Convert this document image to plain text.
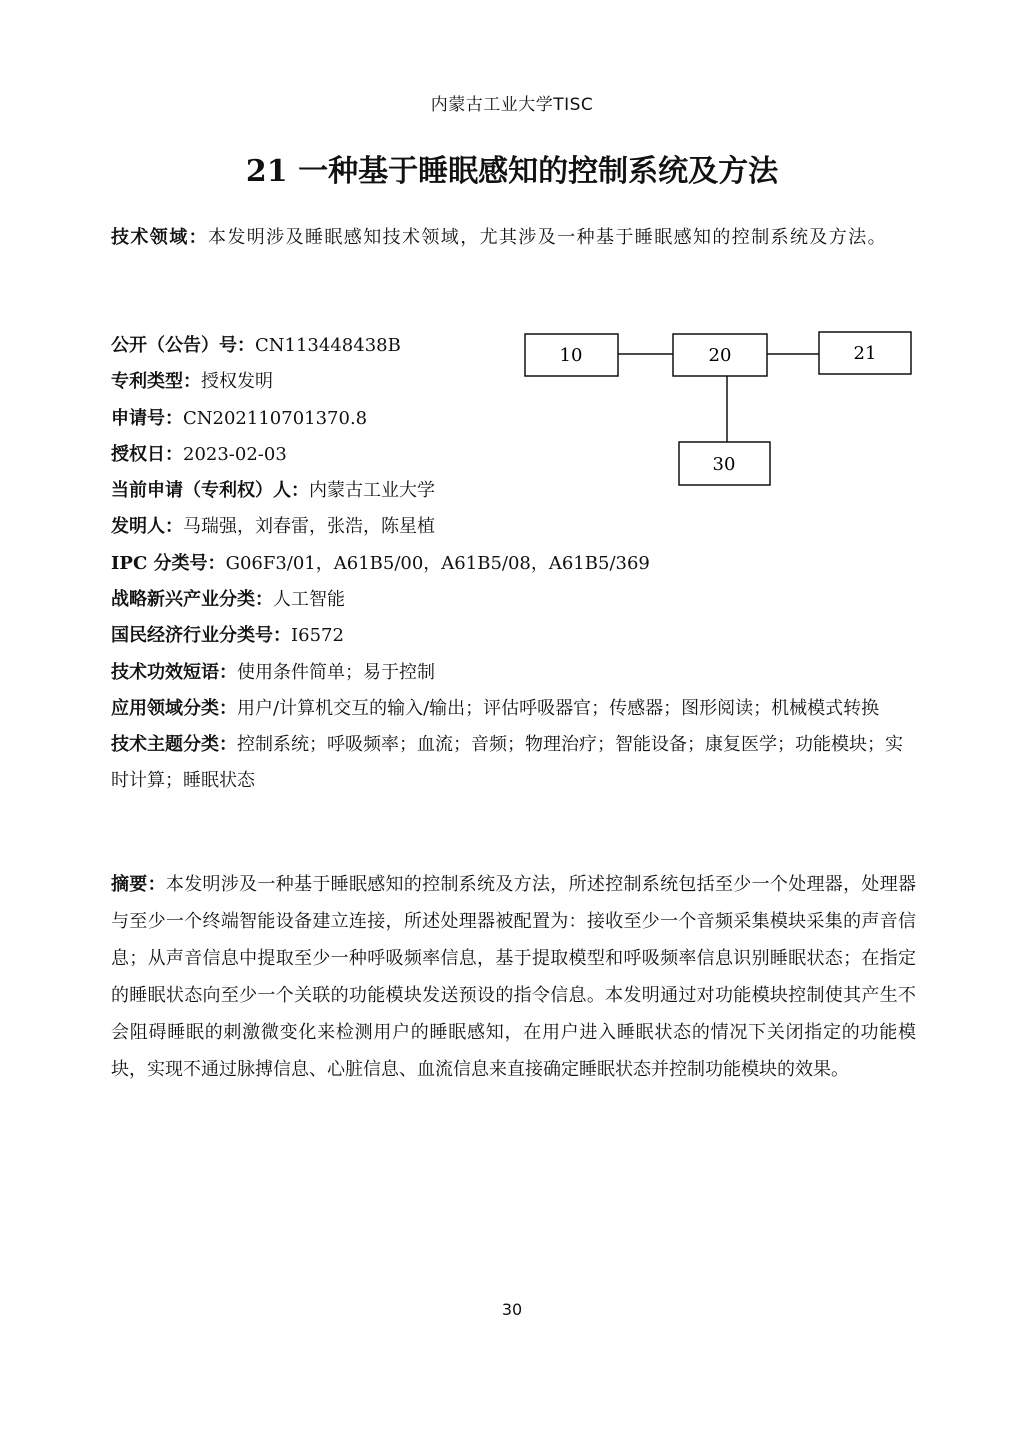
内蒙古工业大学TISC
21 一种基于睡眠感知的控制系统及方法
技术领域：本发明涉及睡眠感知技术领域，尤其涉及一种基于睡眠感知的控制系统及方法。
公开（公告）号：CN113448438B
专利类型：授权发明
申请号：CN202110701370.8
授权日：2023-02-03
当前申请（专利权）人：内蒙古工业大学
发明人：马瑞强，刘春雷，张浩，陈星植
IPC 分类号：G06F3/01，A61B5/00，A61B5/08，A61B5/369
战略新兴产业分类：人工智能
国民经济行业分类号：I6572
技术功效短语：使用条件简单；易于控制
应用领域分类：用户/计算机交互的输入/输出；评估呼吸器官；传感器；图形阅读；机械模式转换
技术主题分类：控制系统；呼吸频率；血流；音频；物理治疗；智能设备；康复医学；功能模块；实时计算；睡眠状态
10	20	21
30
摘要：本发明涉及一种基于睡眠感知的控制系统及方法，所述控制系统包括至少一个处理器，处理器与至少一个终端智能设备建立连接，所述处理器被配置为：接收至少一个音频采集模块采集的声音信息；从声音信息中提取至少一种呼吸频率信息，基于提取模型和呼吸频率信息识别睡眠状态；在指定的睡眠状态向至少一个关联的功能模块发送预设的指令信息。本发明通过对功能模块控制使其产生不会阻碍睡眠的刺激微变化来检测用户的睡眠感知，在用户进入睡眠状态的情况下关闭指定的功能模块，实现不通过脉搏信息、心脏信息、血流信息来直接确定睡眠状态并控制功能模块的效果。
30
